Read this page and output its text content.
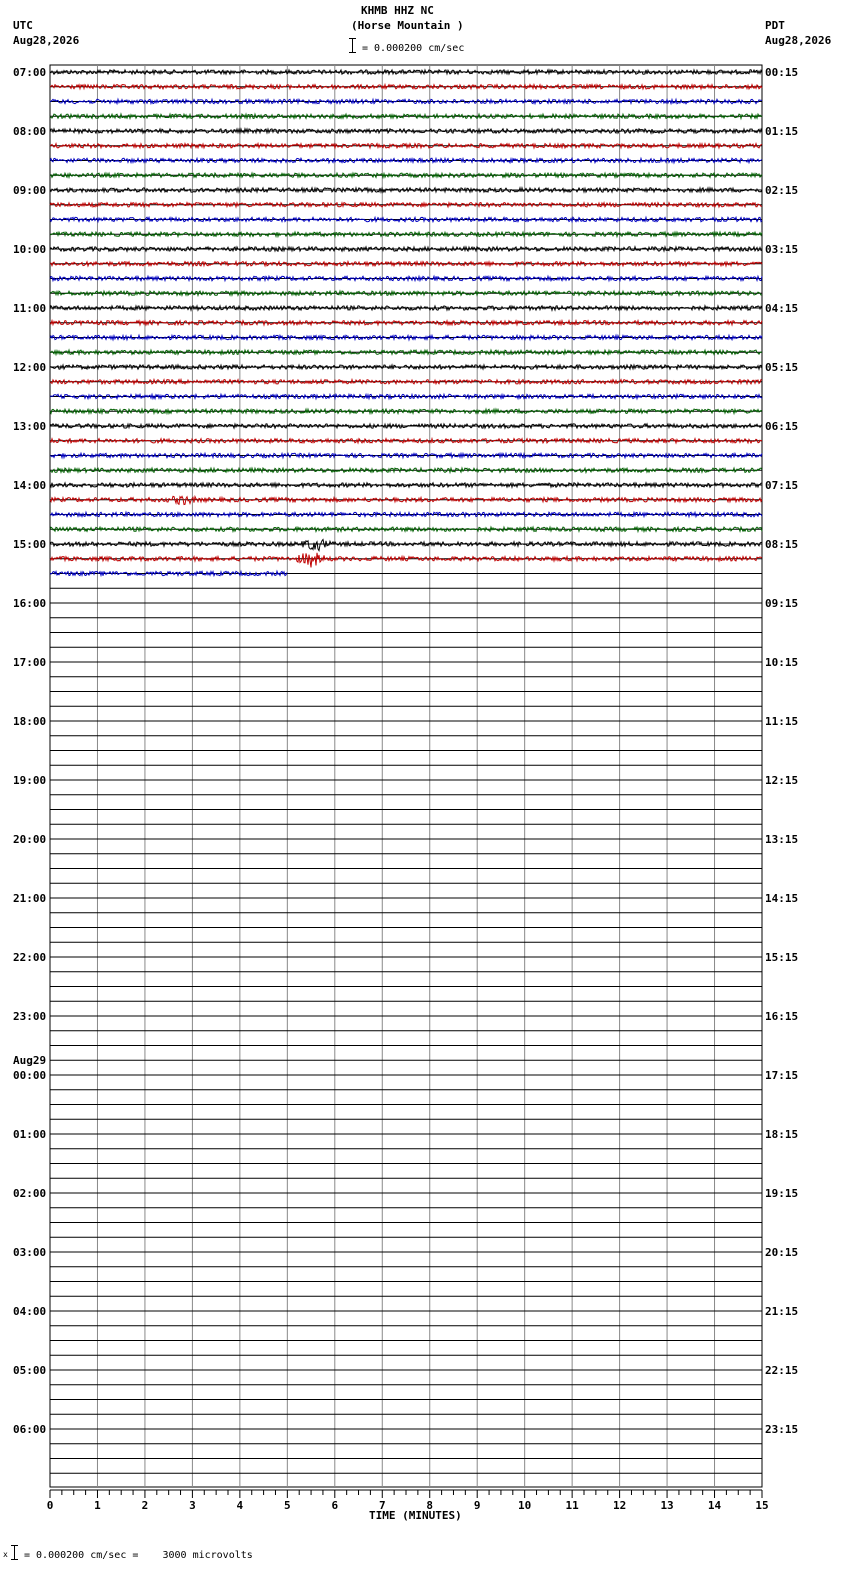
KHMB HHZ NC
(Horse Mountain )
= 0.000200 cm/sec
UTC
Aug28,2026
PDT
Aug28,2026
07:00
08:00
09:00
10:00
11:00
12:00
13:00
14:00
15:00
16:00
17:00
18:00
19:00
20:00
21:00
22:00
23:00
00:00
01:00
02:00
03:00
04:00
05:00
06:00
Aug29
00:15
01:15
02:15
03:15
04:15
05:15
06:15
07:15
08:15
09:15
10:15
11:15
12:15
13:15
14:15
15:15
16:15
17:15
18:15
19:15
20:15
21:15
22:15
23:15
0	1	2	3	4	5	6	7	8	9	10	11	12	13	14	15
TIME (MINUTES)
x = 0.000200 cm/sec =    3000 microvolts
